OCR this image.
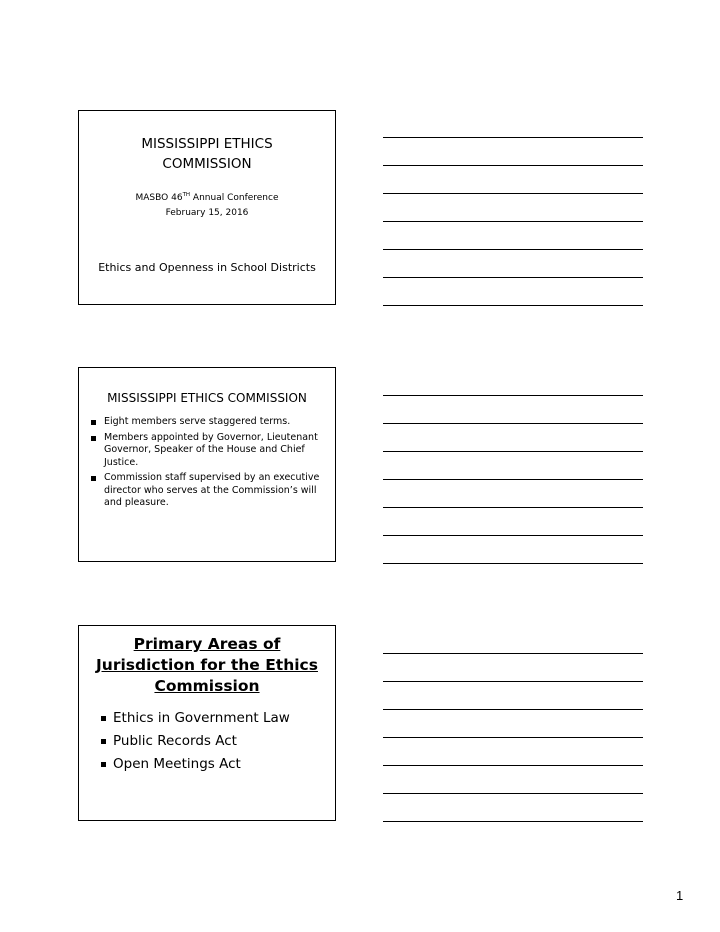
MISSISSIPPI ETHICS
COMMISSION
MASBO 46TH Annual Conference
February 15, 2016
Ethics and Openness in School Districts
MISSISSIPPI ETHICS COMMISSION
Eight members serve staggered terms.
Members appointed by Governor, Lieutenant Governor, Speaker of the House and Chief Justice.
Commission staff supervised by an executive director who serves at the Commission’s will and pleasure.
Primary Areas of
Jurisdiction for the Ethics
Commission
Ethics in Government Law
Public Records Act
Open Meetings Act
1
